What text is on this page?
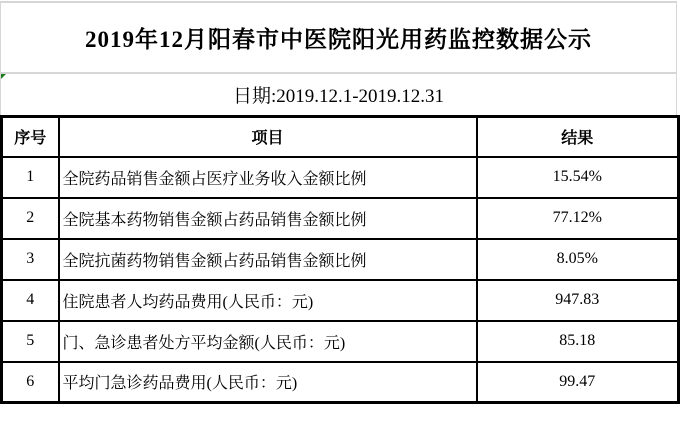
2019年12月阳春市中医院阳光用药监控数据公示
日期:2019.12.1-2019.12.31
序号	项目	结果
1	全院药品销售金额占医疗业务收入金额比例	15.54%
2	全院基本药物销售金额占药品销售金额比例	77.12%
3	全院抗菌药物销售金额占药品销售金额比例	8.05%
4	住院患者人均药品费用(人民币：元)	947.83
5	门、急诊患者处方平均金额(人民币：元)	85.18
6	平均门急诊药品费用(人民币：元)	99.47
